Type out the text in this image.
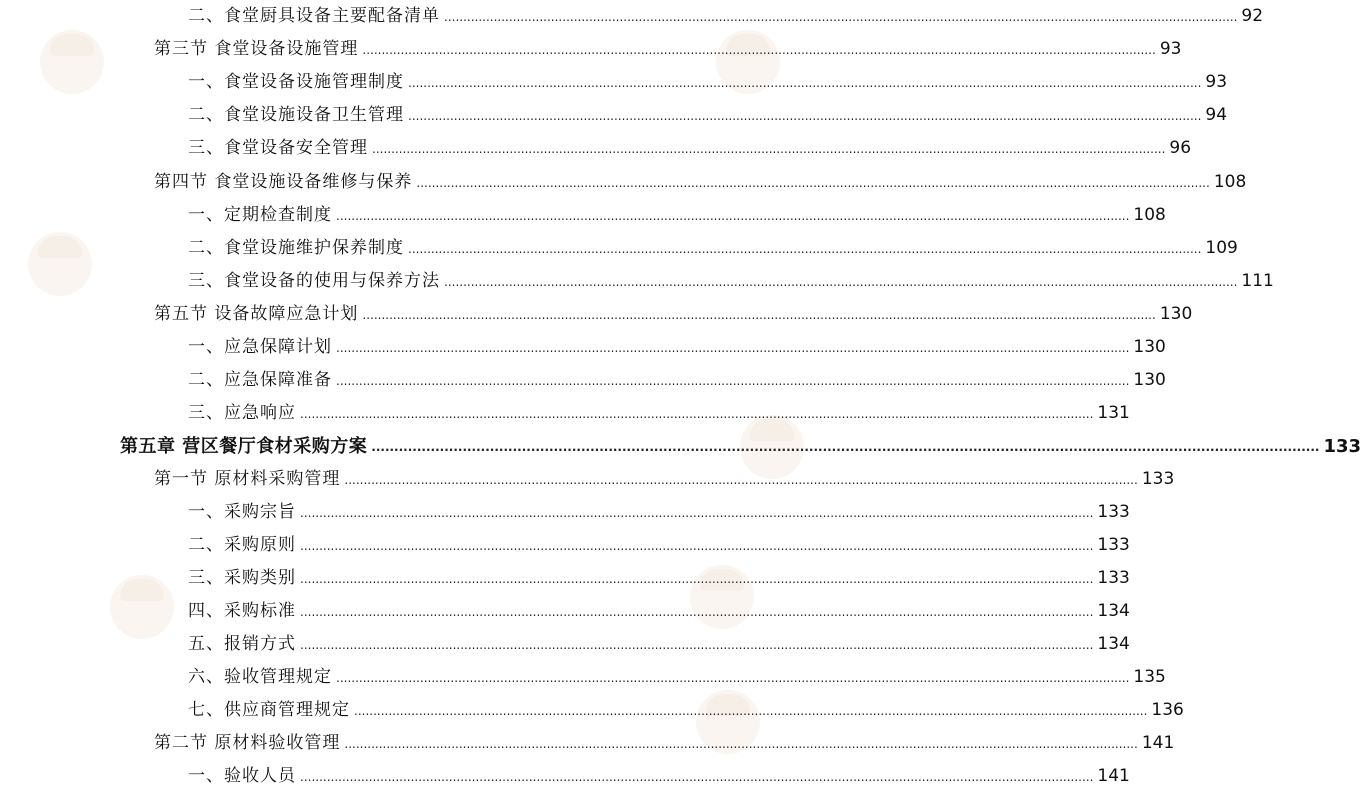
二、食堂厨具设备主要配备清单 .....	92
第三节 食堂设备设施管理 .....	93
一、食堂设备设施管理制度 .....	93
二、食堂设施设备卫生管理 .....	94
三、食堂设备安全管理 .....	96
第四节 食堂设施设备维修与保养 .....	108
一、定期检查制度 .....	108
二、食堂设施维护保养制度 .....	109
三、食堂设备的使用与保养方法 .....	111
第五节 设备故障应急计划 .....	130
一、应急保障计划 .....	130
二、应急保障准备 .....	130
三、应急响应 .....	131
第五章 营区餐厅食材采购方案 .....	133
第一节 原材料采购管理 .....	133
一、采购宗旨 .....	133
二、采购原则 .....	133
三、采购类别 .....	133
四、采购标准 .....	134
五、报销方式 .....	134
六、验收管理规定 .....	135
七、供应商管理规定 .....	136
第二节 原材料验收管理 .....	141
一、验收人员 .....	141
